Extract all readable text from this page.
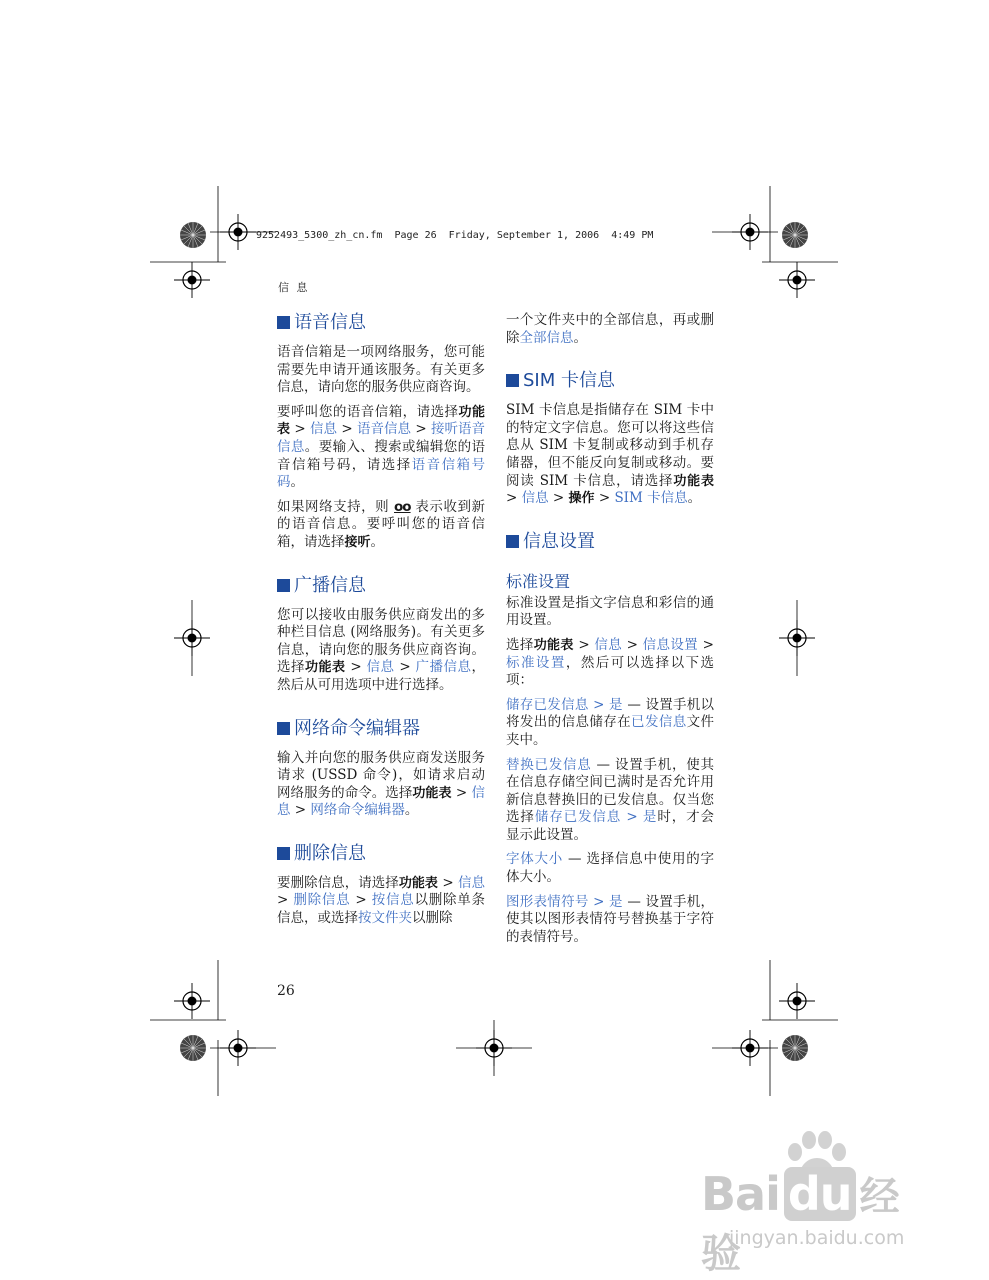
9252493_5300_zh_cn.fm  Page 26  Friday, September 1, 2006  4:49 PM
信 息
语音信息

语音信箱是一项网络服务，您可能需要先申请开通该服务。有关更多信息，请向您的服务供应商咨询。

要呼叫您的语音信箱，请选择功能表 > 信息 > 语音信息 > 接听语音信息。要输入、搜索或编辑您的语音信箱号码，请选择语音信箱号码。

如果网络支持，则 oo 表示收到新的语音信息。要呼叫您的语音信箱，请选择接听。

广播信息

您可以接收由服务供应商发出的多种栏目信息 (网络服务)。有关更多信息，请向您的服务供应商咨询。选择功能表 > 信息 > 广播信息，然后从可用选项中进行选择。

网络命令编辑器

输入并向您的服务供应商发送服务请求 (USSD 命令)，如请求启动网络服务的命令。选择功能表 > 信息 > 网络命令编辑器。

删除信息

要删除信息，请选择功能表 > 信息 > 删除信息 > 按信息以删除单条信息，或选择按文件夹以删除

一个文件夹中的全部信息，再或删除全部信息。

SIM 卡信息

SIM 卡信息是指储存在 SIM 卡中的特定文字信息。您可以将这些信息从 SIM 卡复制或移动到手机存储器，但不能反向复制或移动。要阅读 SIM 卡信息，请选择功能表 > 信息 > 操作 > SIM 卡信息。

信息设置
标准设置

标准设置是指文字信息和彩信的通用设置。

选择功能表 > 信息 > 信息设置 > 标准设置，然后可以选择以下选项：

储存已发信息 > 是 — 设置手机以将发出的信息储存在已发信息文件夹中。

替换已发信息 — 设置手机，使其在信息存储空间已满时是否允许用新信息替换旧的已发信息。仅当您选择储存已发信息 > 是时，才会显示此设置。

字体大小 — 选择信息中使用的字体大小。

图形表情符号 > 是 — 设置手机，使其以图形表情符号替换基于字符的表情符号。

26
Bai du 经验
jingyan.baidu.com
